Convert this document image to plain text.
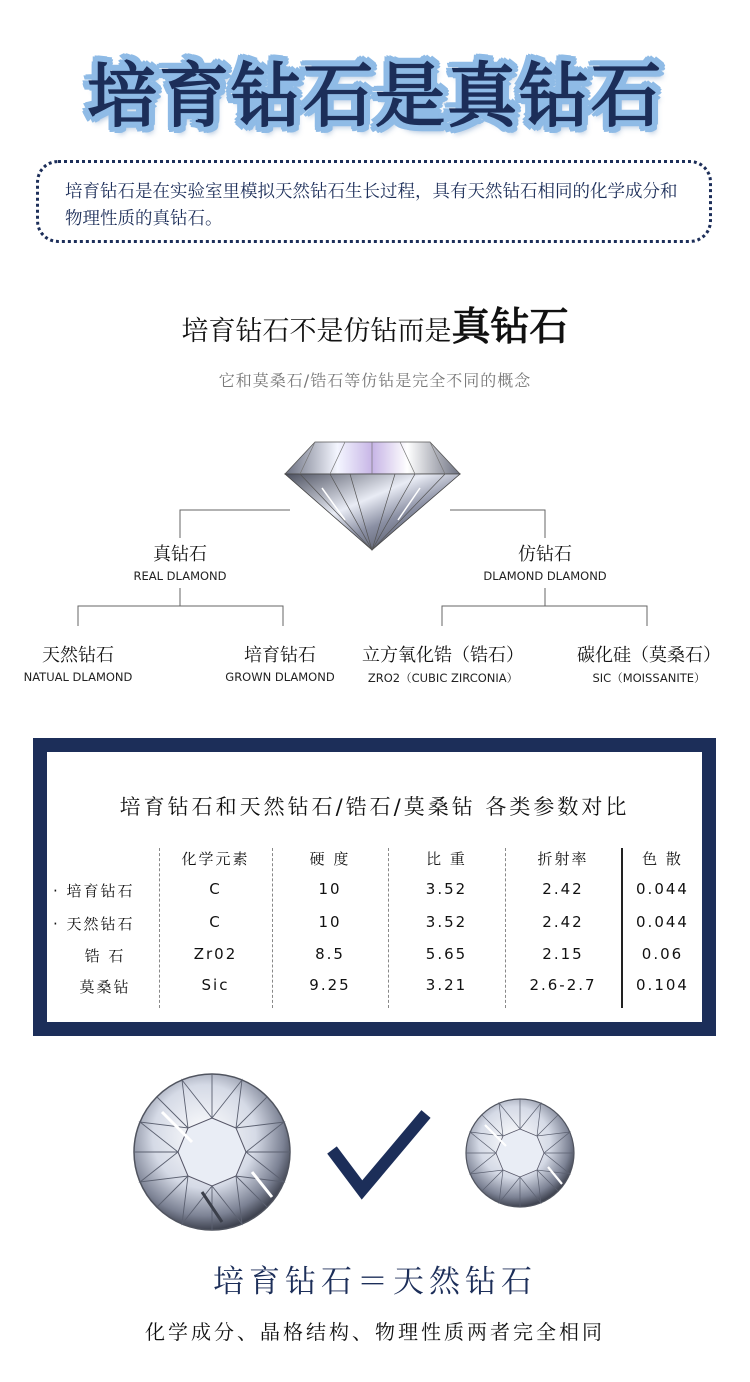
培育钻石是真钻石
培育钻石是在实验室里模拟天然钻石生长过程，具有天然钻石相同的化学成分和物理性质的真钻石。
培育钻石不是仿钻而是真钻石
它和莫桑石/锆石等仿钻是完全不同的概念
真钻石
REAL DLAMOND
仿钻石
DLAMOND DLAMOND
天然钻石
NATUAL DLAMOND
培育钻石
GROWN DLAMOND
立方氧化锆（锆石）
ZRO2（CUBIC ZIRCONIA）
碳化硅（莫桑石）
SIC（MOISSANITE）
培育钻石和天然钻石/锆石/莫桑钻 各类参数对比
化学元素	硬 度	比 重	折射率	色 散
· 培育钻石	C	10	3.52	2.42	0.044
· 天然钻石	C	10	3.52	2.42	0.044
锆 石	Zr02	8.5	5.65	2.15	0.06
莫桑钻	Sic	9.25	3.21	2.6-2.7	0.104
培育钻石＝天然钻石
化学成分、晶格结构、物理性质两者完全相同
